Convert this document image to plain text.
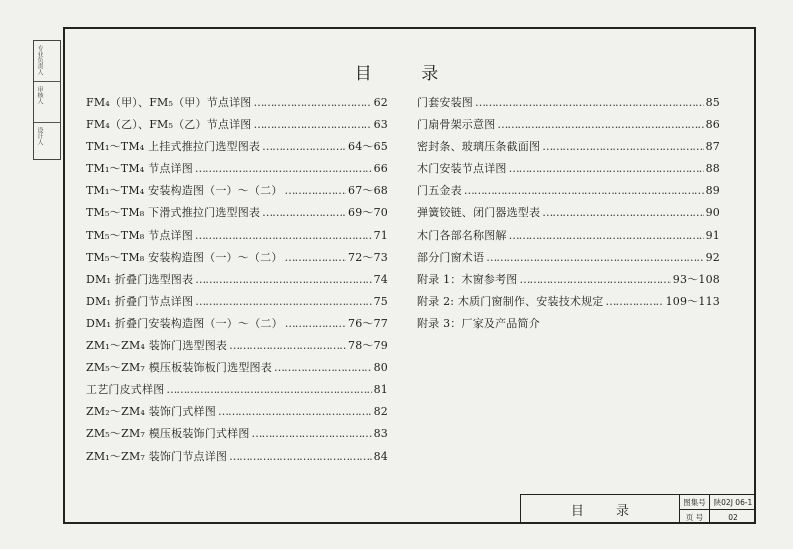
专业负责人
审核人
设计人
目 录
FM₄（甲）、FM₅（甲）节点详图 …………………………………………………………………………………………………………………………	62
FM₄（乙）、FM₅（乙）节点详图 …………………………………………………………………………………………………………………………	63
TM₁～TM₄ 上挂式推拉门选型图表 …………………………………………………………………………………………………………………………	64～65
TM₁～TM₄ 节点详图 …………………………………………………………………………………………………………………………	66
TM₁～TM₄ 安装构造图（一）～（二） …………………………………………………………………………………………………………………………	67～68
TM₅～TM₈ 下滑式推拉门选型图表 …………………………………………………………………………………………………………………………	69～70
TM₅～TM₈ 节点详图 …………………………………………………………………………………………………………………………	71
TM₅～TM₈ 安装构造图（一）～（二） …………………………………………………………………………………………………………………………	72～73
DM₁ 折叠门选型图表 …………………………………………………………………………………………………………………………	74
DM₁ 折叠门节点详图 …………………………………………………………………………………………………………………………	75
DM₁ 折叠门安装构造图（一）～（二） …………………………………………………………………………………………………………………………	76～77
ZM₁～ZM₄ 装饰门选型图表 …………………………………………………………………………………………………………………………	78～79
ZM₅～ZM₇ 模压板装饰板门选型图表 …………………………………………………………………………………………………………………………	80
工艺门皮式样图 …………………………………………………………………………………………………………………………	81
ZM₂～ZM₄ 装饰门式样图 …………………………………………………………………………………………………………………………	82
ZM₅～ZM₇ 模压板装饰门式样图 …………………………………………………………………………………………………………………………	83
ZM₁～ZM₇ 装饰门节点详图 …………………………………………………………………………………………………………………………	84
门套安装图 …………………………………………………………………………………………………………………………	85
门扇骨架示意图 …………………………………………………………………………………………………………………………	86
密封条、玻璃压条截面图 …………………………………………………………………………………………………………………………	87
木门安装节点详图 …………………………………………………………………………………………………………………………	88
门五金表 …………………………………………………………………………………………………………………………	89
弹簧铰链、闭门器选型表 …………………………………………………………………………………………………………………………	90
木门各部名称图解 …………………………………………………………………………………………………………………………	91
部分门窗术语 …………………………………………………………………………………………………………………………	92
附录 1：木窗参考图 …………………………………………………………………………………………………………………………	93～108
附录 2: 木质门窗制作、安装技术规定 …………………………………………………………………………………………………………………………	109～113
附录 3：厂家及产品简介
目 录
图集号	陕02J 06-1
页 号	02
